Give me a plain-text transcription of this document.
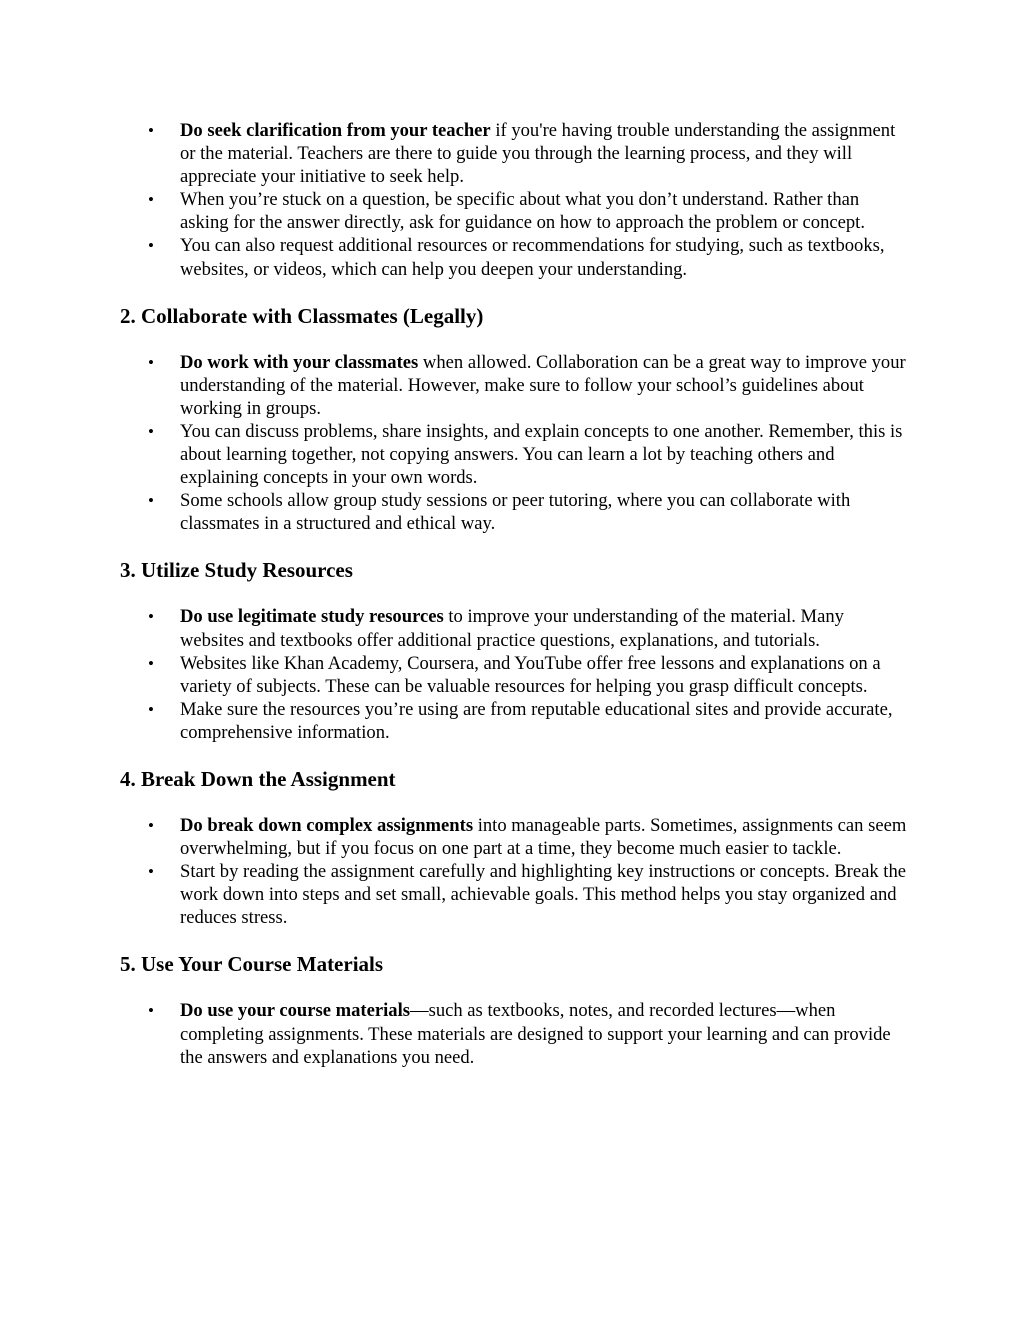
• Do seek clarification from your teacher if you're having trouble understanding the assignment or the material. Teachers are there to guide you through the learning process, and they will appreciate your initiative to seek help.
• When you’re stuck on a question, be specific about what you don’t understand. Rather than asking for the answer directly, ask for guidance on how to approach the problem or concept.
• You can also request additional resources or recommendations for studying, such as textbooks, websites, or videos, which can help you deepen your understanding.
2. Collaborate with Classmates (Legally)
• Do work with your classmates when allowed. Collaboration can be a great way to improve your understanding of the material. However, make sure to follow your school’s guidelines about working in groups.
• You can discuss problems, share insights, and explain concepts to one another. Remember, this is about learning together, not copying answers. You can learn a lot by teaching others and explaining concepts in your own words.
• Some schools allow group study sessions or peer tutoring, where you can collaborate with classmates in a structured and ethical way.
3. Utilize Study Resources
• Do use legitimate study resources to improve your understanding of the material. Many websites and textbooks offer additional practice questions, explanations, and tutorials.
• Websites like Khan Academy, Coursera, and YouTube offer free lessons and explanations on a variety of subjects. These can be valuable resources for helping you grasp difficult concepts.
• Make sure the resources you’re using are from reputable educational sites and provide accurate, comprehensive information.
4. Break Down the Assignment
• Do break down complex assignments into manageable parts. Sometimes, assignments can seem overwhelming, but if you focus on one part at a time, they become much easier to tackle.
• Start by reading the assignment carefully and highlighting key instructions or concepts. Break the work down into steps and set small, achievable goals. This method helps you stay organized and reduces stress.
5. Use Your Course Materials
• Do use your course materials—such as textbooks, notes, and recorded lectures—when completing assignments. These materials are designed to support your learning and can provide the answers and explanations you need.
